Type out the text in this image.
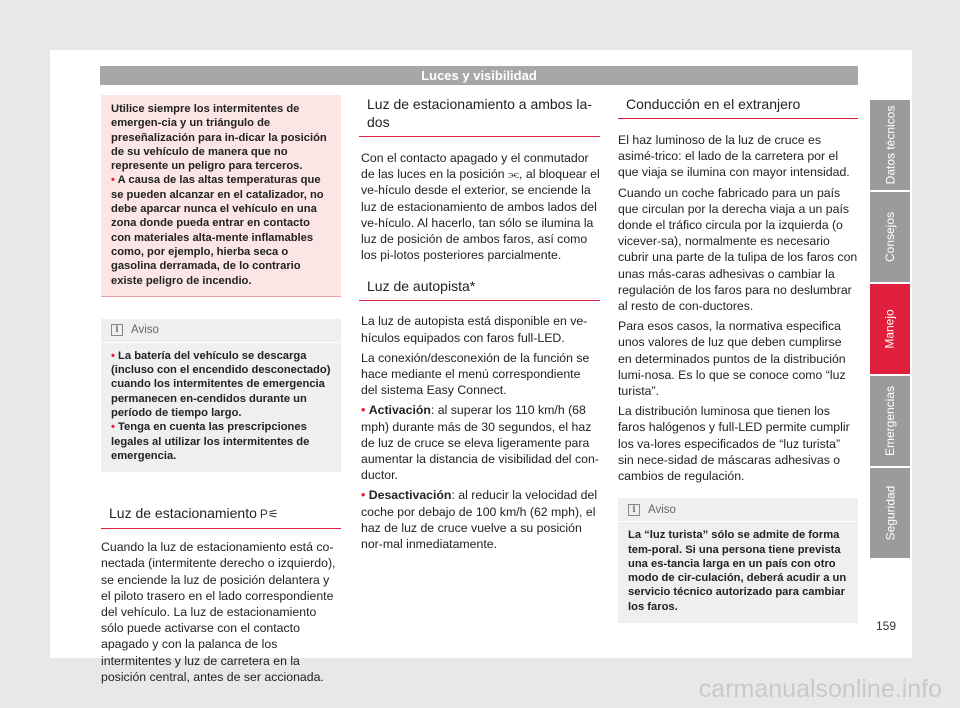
Luces y visibilidad

Utilice siempre los intermitentes de emergen-cia y un triángulo de preseñalización para in-dicar la posición de su vehículo de manera que no represente un peligro para terceros.

• A causa de las altas temperaturas que se pueden alcanzar en el catalizador, no debe aparcar nunca el vehículo en una zona donde pueda entrar en contacto con materiales alta-mente inflamables como, por ejemplo, hierba seca o gasolina derramada, de lo contrario existe peligro de incendio.

i	Aviso

• La batería del vehículo se descarga (incluso con el encendido desconectado) cuando los intermitentes de emergencia permanecen en-cendidos durante un período de tiempo largo.

• Tenga en cuenta las prescripciones legales al utilizar los intermitentes de emergencia.

Luz de estacionamiento P⚟

Cuando la luz de estacionamiento está co-nectada (intermitente derecho o izquierdo), se enciende la luz de posición delantera y el piloto trasero en el lado correspondiente del vehículo. La luz de estacionamiento sólo puede activarse con el contacto apagado y con la palanca de los intermitentes y luz de carretera en la posición central, antes de ser accionada.

Luz de estacionamiento a ambos la-dos

Con el contacto apagado y el conmutador de las luces en la posición ⫘, al bloquear el ve-hículo desde el exterior, se enciende la luz de estacionamiento de ambos lados del ve-hículo. Al hacerlo, tan sólo se ilumina la luz de posición de ambos faros, así como los pi-lotos posteriores parcialmente.

Luz de autopista*

La luz de autopista está disponible en ve-hículos equipados con faros full-LED.

La conexión/desconexión de la función se hace mediante el menú correspondiente del sistema Easy Connect.

• Activación: al superar los 110 km/h (68 mph) durante más de 30 segundos, el haz de luz de cruce se eleva ligeramente para aumentar la distancia de visibilidad del con-ductor.

• Desactivación: al reducir la velocidad del coche por debajo de 100 km/h (62 mph), el haz de luz de cruce vuelve a su posición nor-mal inmediatamente.

Conducción en el extranjero

El haz luminoso de la luz de cruce es asimé-trico: el lado de la carretera por el que viaja se ilumina con mayor intensidad.

Cuando un coche fabricado para un país que circulan por la derecha viaja a un país donde el tráfico circula por la izquierda (o vicever-sa), normalmente es necesario cubrir una parte de la tulipa de los faros con unas más-caras adhesivas o cambiar la regulación de los faros para no deslumbrar al resto de con-ductores.

Para esos casos, la normativa especifica unos valores de luz que deben cumplirse en determinados puntos de la distribución lumi-nosa. Es lo que se conoce como “luz turista”.

La distribución luminosa que tienen los faros halógenos y full-LED permite cumplir los va-lores especificados de “luz turista” sin nece-sidad de máscaras adhesivas o cambios de regulación.

i	Aviso
La “luz turista” sólo se admite de forma tem-poral. Si una persona tiene prevista una es-tancia larga en un país con otro modo de cir-culación, deberá acudir a un servicio técnico autorizado para cambiar los faros.
Datos técnicos
Consejos
Manejo
Emergencias
Seguridad
159
carmanualsonline.info
